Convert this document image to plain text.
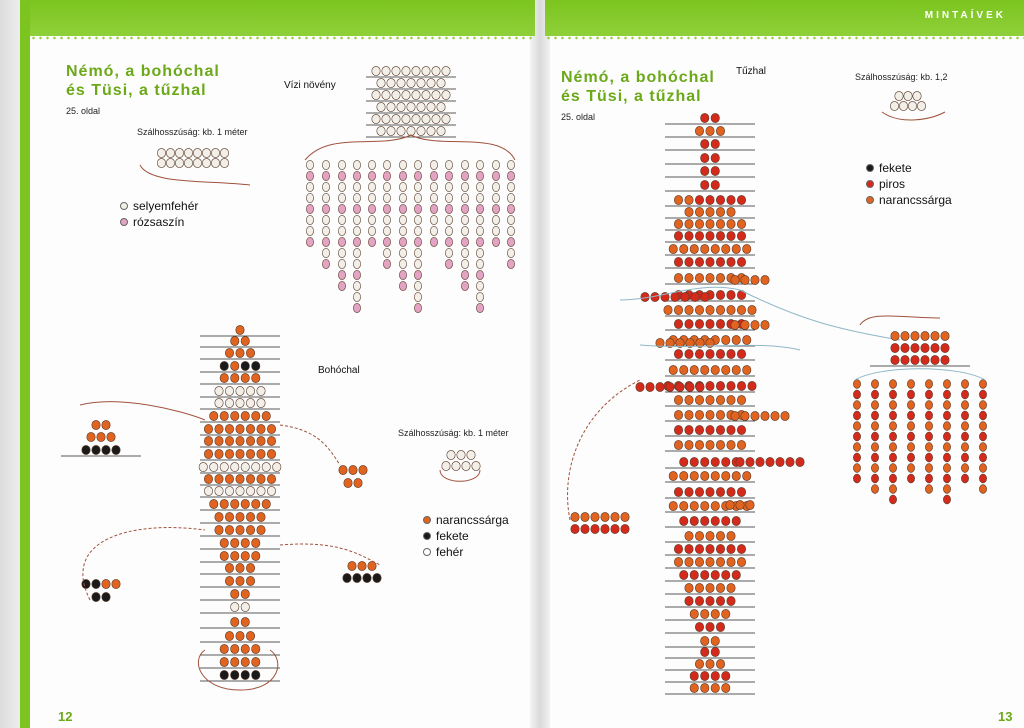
MINTAÍVEK
Némó, a bohóchal
és Tüsi, a tűzhal
25. oldal
Szálhosszúság: kb. 1 méter
selyemfehér
rózsaszín
Vízi növény
Bohóchal
Szálhosszúság: kb. 1 méter
narancssárga
fekete
fehér
12
Némó, a bohóchal
és Tüsi, a tűzhal
25. oldal
Tűzhal	Szálhosszúság: kb. 1,2
fekete
piros
narancssárga
13
